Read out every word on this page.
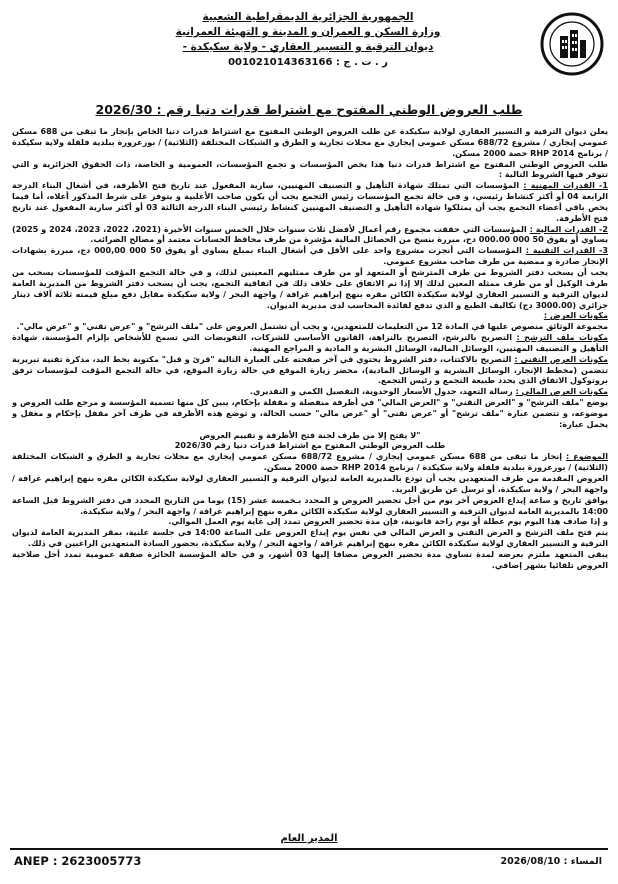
الجمهورية الجزائرية الديمقراطية الشعبية
وزارة السكن و العمران و المدينة و التهيئة العمرانية
ديوان الترقية و التسيير العقاري - ولاية سكيكدة -
ر . ت . ج : 001021014363166
طلب العروض الوطني المفتوح مع اشتراط قدرات دنيا رقم : 2026/30

يعلن ديوان الترقية و التسيير العقاري لولاية سكيكدة عن طلب العروض الوطني المفتوح مع اشتراط قدرات دنيا الخاص بإنجاز ما تبقى من 688 مسكن عمومي إيجاري / مشروع 688/72 مسكن عمومي إيجاري مع محلات تجارية و الطرق و الشبكات المختلفة (الثلاثية) / بوزعرورة ببلدية فلفلة ولاية سكيكدة / برنامج RHP 2014 حصة 2000 مسكن.

طلب العروض الوطني المفتوح مع اشتراط قدرات دنيا هذا يخص المؤسسات و تجمع المؤسسات، العمومية و الخاصة، ذات الحقوق الجزائرية و التي تتوفر فيها الشروط التالية :

1- القدرات المهنية : المؤسسات التي تمتلك شهادة التأهيل و التصنيف المهنيين، سارية المفعول عند تاريخ فتح الأظرفة، في أشغال البناء الدرجة الرابعة 04 أو أكثر كنشاط رئيسي، و في حالة تجمع المؤسسات رئيس التجمع يجب أن يكون صاحب الأغلبية و يتوفر على شرط المذكور أعلاه، أما فيما يخص باقي أعضاء التجمع يجب أن يمتلكوا شهادة التأهيل و التصنيف المهنيين كنشاط رئيسي البناء الدرجة الثالثة 03 أو أكثر سارية المفعول عند تاريخ فتح الأظرفة.

2- القدرات المالية : المؤسسات التي حققت مجموع رقم أعمال لأفضل ثلاث سنوات خلال الخمس سنوات الأخيرة (2021، 2022، 2023، 2024 و 2025) يساوي أو يفوق 50 000 000.00 دج، مبررة بنسخ من الحصائل المالية مؤشرة من طرف محافظ الحسابات معتمد أو مصالح الضرائب.

3- القدرات التقنية : المؤسسات التي أنجزت مشروع واحد على الأقل في أشغال البناء بمبلغ يساوي أو يفوق 50 000 000,00 دج، مبررة بشهادات الإنجاز صادرة و ممضية من طرف صاحب مشروع عمومي.

يجب أن يسحب دفتر الشروط من طرف المترشح أو المتعهد أو من طرف ممثليهم المعينين لذلك، و في حالة التجمع المؤقت للمؤسسات يسحب من طرف الوكيل أو من طرف ممثله المعين لذلك إلا إذا تم الاتفاق على خلاف ذلك في اتفاقية التجمع، يجب أن يسحب دفتر الشروط من المديرية العامة لديوان الترقية و التسيير العقاري لولاية سكيكدة الكائن مقره بنهج إبراهيم غرافة / واجهة البحر / ولاية سكيكدة مقابل دفع مبلغ قيمته ثلاثة آلاف دينار جزائري (3000.00 دج) تكاليف الطبع و الذي تدفع لفائدة المحاسب لدى مديرية الديوان.

مكونات العرض :

مجموعة الوثائق منصوص عليها في المادة 12 من التعليمات للمتعهدين، و يجب أن تشتمل العروض على "ملف الترشح" و "عرض تقني" و "عرض مالي".

مكونات ملف الترشح : التصريح بالترشح، التصريح بالنزاهة، القانون الأساسي للشركات، التفويضات التي تسمح للأشخاص بإلزام المؤسسة، شهادة التأهيل و التصنيف المهنيين، الوسائل المالية، الوسائل البشرية و المادية و المراجع المهنية.

مكونات العرض التقني : التصريح بالاكتتاب، دفتر الشروط يحتوي في آخر صفحته على العبارة التالية "قرئ و قبل" مكتوبة بخط اليد، مذكرة تقنية تبريرية تتضمن (مخطط الإنجاز، الوسائل البشرية و الوسائل المادية)، محضر زيارة الموقع في حالة زيارة الموقع، في حالة التجمع المؤقت لمؤسسات ترفق بروتوكول الاتفاق الذي يحدد طبيعة التجمع و رئيس التجمع.

مكونات العرض المالي : رسالة التعهد، جدول الأسعار الوحدوية، التفصيل الكمي و التقديري.

يوضع "ملف الترشح" و "العرض التقني" و "العرض المالي" في أظرفة منفصلة و مقفلة بإحكام، يبين كل منها تسمية المؤسسة و مرجع طلب العروض و موضوعه، و تتضمن عبارة "ملف ترشح" أو "عرض تقني" أو "عرض مالي" حسب الحالة، و توضع هذه الأظرفة في ظرف آخر مقفل بإحكام و مغفل و يحمل عبارة:

"لا يفتح إلا من طرف لجنة فتح الأظرفة و تقييم العروض

طلب العروض الوطني المفتوح مع اشتراط قدرات دنيا رقم 2026/30

الموضوع : إنجاز ما تبقى من 688 مسكن عمومي إيجاري / مشروع 688/72 مسكن عمومي إيجاري مع محلات تجارية و الطرق و الشبكات المختلفة (الثلاثية) / بوزعرورة ببلدية فلفلة ولاية سكيكدة / برنامج RHP 2014 حصة 2000 مسكن.

العروض المقدمة من طرف المتعهدين يجب أن تودع بالمديرية العامة لديوان الترقية و التسيير العقاري لولاية سكيكدة الكائن مقره بنهج إبراهيم غرافة / واجهة البحر / ولاية سكيكدة، أو ترسل عن طريق البريد.

يوافق تاريخ و ساعة إيداع العروض آخر يوم من أجل تحضير العروض و المحدد بـخمسة عشر (15) يوما من التاريخ المحدد في دفتر الشروط قبل الساعة 14:00 بالمديرية العامة لديوان الترقية و التسيير العقاري لولاية سكيكدة الكائن مقره بنهج إبراهيم غرافة / واجهة البحر / ولاية سكيكدة.

و إذا صادف هذا اليوم يوم عطلة أو يوم راحة قانونية، فإن مدة تحضير العروض تمدد إلى غاية يوم العمل الموالي.

يتم فتح ملف الترشح و العرض التقني و العرض المالي في نفس يوم إيداع العروض على الساعة 14:00 في جلسة علنية، بمقر المديرية العامة لديوان الترقية و التسيير العقاري لولاية سكيكدة الكائن مقره بنهج إبراهيم غرافة / واجهة البحر / ولاية سكيكدة، بحضور السادة المتعهدين الراغبين في ذلك.

يبقى المتعهد ملتزم بعرضه لمدة تساوي مدة تحضير العروض مضافا إليها 03 أشهر، و في حالة المؤسسة الحائزة صفقة عمومية تمدد أجل صلاحية العروض تلقائيا بشهر إضافي.

المدير العام
المساء : 2026/08/10
ANEP : 2623005773
